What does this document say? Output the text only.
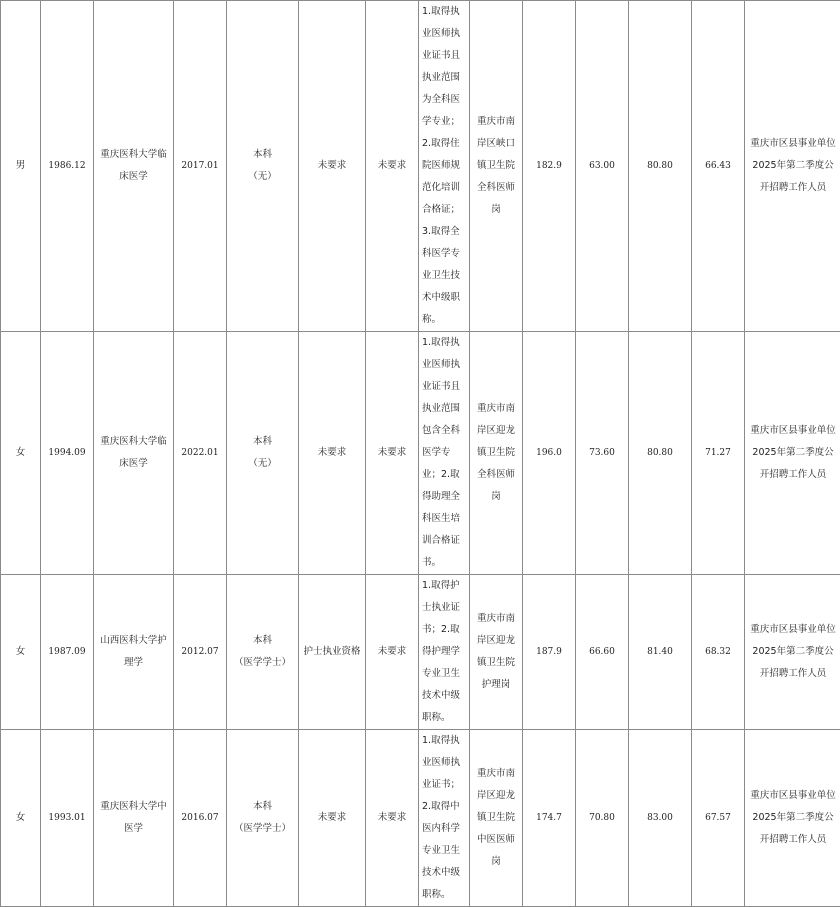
男	1986.12	重庆医科大学临床医学	2017.01	本科
（无）	未要求	未要求	1.取得执业医师执业证书且执业范围为全科医学专业；
2.取得住院医师规范化培训合格证；
3.取得全科医学专业卫生技术中级职称。	重庆市南岸区峡口镇卫生院全科医师岗	182.9	63.00	80.80	66.43	重庆市区县事业单位2025年第二季度公开招聘工作人员
女	1994.09	重庆医科大学临床医学	2022.01	本科
（无）	未要求	未要求	1.取得执业医师执业证书且执业范围包含全科医学专业；2.取得助理全科医生培训合格证书。	重庆市南岸区迎龙镇卫生院全科医师岗	196.0	73.60	80.80	71.27	重庆市区县事业单位2025年第二季度公开招聘工作人员
女	1987.09	山西医科大学护理学	2012.07	本科
（医学学士）	护士执业资格	未要求	1.取得护士执业证书；2.取得护理学专业卫生技术中级职称。	重庆市南岸区迎龙镇卫生院护理岗	187.9	66.60	81.40	68.32	重庆市区县事业单位2025年第二季度公开招聘工作人员
女	1993.01	重庆医科大学中医学	2016.07	本科
（医学学士）	未要求	未要求	1.取得执业医师执业证书；
2.取得中医内科学专业卫生技术中级职称。	重庆市南岸区迎龙镇卫生院中医医师岗	174.7	70.80	83.00	67.57	重庆市区县事业单位2025年第二季度公开招聘工作人员
